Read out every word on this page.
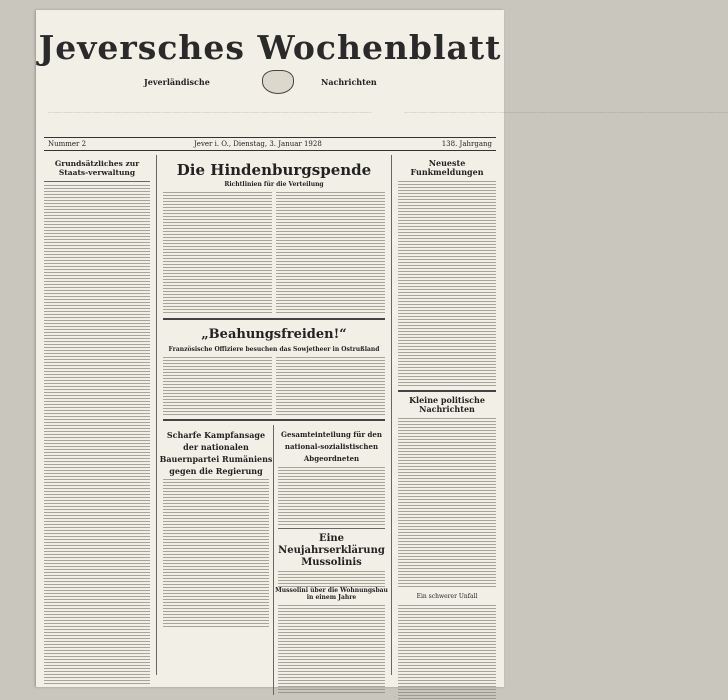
...................................................................................................................................................................................................................................................................................................
Jeversches Wochenblatt
Jeverländische	Nachrichten
...................................................................................................................................................................................................................................................................................................
Nummer 2	Jever i. O., Dienstag, 3. Januar 1928	138. Jahrgang
Grundsätzliches zur Staats-verwaltung	Die Hindenburgspende
Richtlinien für die Verteilung
„Beahungsfreiden!“
Französische Offiziere besuchen das Sowjetheer in Ostrußland
Scharfe Kampfansage der nationalen Bauernpartei Rumäniens gegen die Regierung
Gesamteinteilung für den national-sozialistischen Abgeordneten
Eine Neujahrserklärung Mussolinis
Mussolini über die Wohnungsbau in einem Jahre
Neueste Funkmeldungen
Kleine politische Nachrichten
Ein schwerer Unfall
